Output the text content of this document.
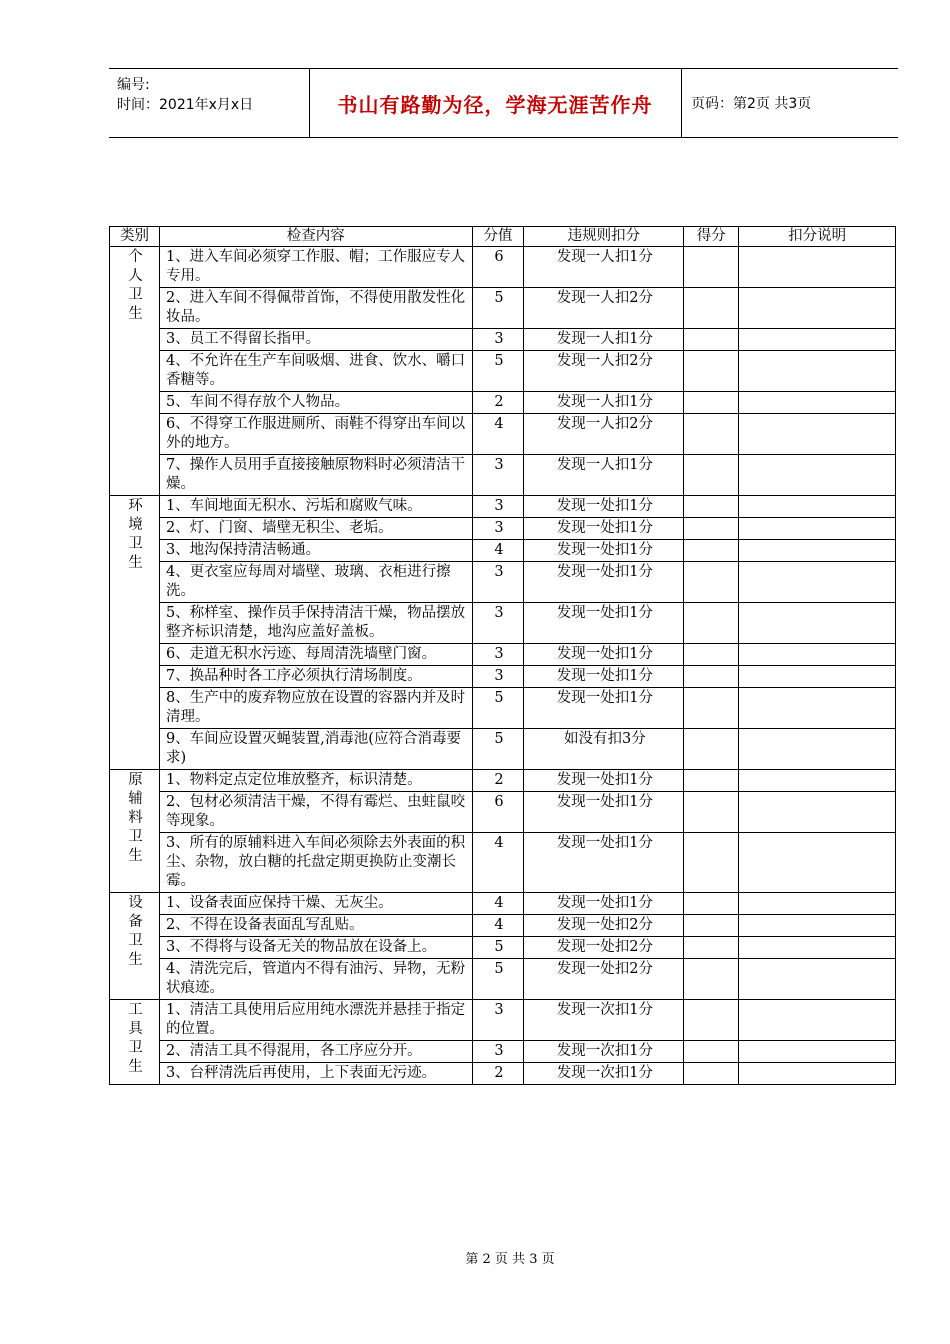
编号:
时间：2021年x月x日	书山有路勤为径，学海无涯苦作舟	页码：第2页 共3页
类别	检查内容	分值	违规则扣分	得分	扣分说明
个人卫生	1、进入车间必须穿工作服、帽；工作服应专人专用。	6	发现一人扣1分		
	2、进入车间不得佩带首饰，不得使用散发性化妆品。	5	发现一人扣2分		
	3、员工不得留长指甲。	3	发现一人扣1分		
	4、不允许在生产车间吸烟、进食、饮水、嚼口香糖等。	5	发现一人扣2分		
	5、车间不得存放个人物品。	2	发现一人扣1分		
	6、不得穿工作服进厕所、雨鞋不得穿出车间以外的地方。	4	发现一人扣2分		
	7、操作人员用手直接接触原物料时必须清洁干燥。	3	发现一人扣1分		
环境卫生	1、车间地面无积水、污垢和腐败气味。	3	发现一处扣1分		
	2、灯、门窗、墙壁无积尘、老垢。	3	发现一处扣1分		
	3、地沟保持清洁畅通。	4	发现一处扣1分		
	4、更衣室应每周对墙壁、玻璃、衣柜进行擦洗。	3	发现一处扣1分		
	5、称样室、操作员手保持清洁干燥，物品摆放整齐标识清楚，地沟应盖好盖板。	3	发现一处扣1分		
	6、走道无积水污迹、每周清洗墙壁门窗。	3	发现一处扣1分		
	7、换品种时各工序必须执行清场制度。	3	发现一处扣1分		
	8、生产中的废弃物应放在设置的容器内并及时清理。	5	发现一处扣1分		
	9、车间应设置灭蝇装置,消毒池(应符合消毒要求)	5	如没有扣3分		
原辅料卫生	1、物料定点定位堆放整齐，标识清楚。	2	发现一处扣1分		
	2、包材必须清洁干燥，不得有霉烂、虫蛀鼠咬等现象。	6	发现一处扣1分		
	3、所有的原辅料进入车间必须除去外表面的积尘、杂物，放白糖的托盘定期更换防止变潮长霉。	4	发现一处扣1分		
设备卫生	1、设备表面应保持干燥、无灰尘。	4	发现一处扣1分		
	2、不得在设备表面乱写乱贴。	4	发现一处扣2分		
	3、不得将与设备无关的物品放在设备上。	5	发现一处扣2分		
	4、清洗完后，管道内不得有油污、异物，无粉状痕迹。	5	发现一处扣2分		
工具卫生	1、清洁工具使用后应用纯水漂洗并悬挂于指定的位置。	3	发现一次扣1分		
	2、清洁工具不得混用，各工序应分开。	3	发现一次扣1分		
	3、台秤清洗后再使用，上下表面无污迹。	2	发现一次扣1分		
第 2 页 共 3 页
